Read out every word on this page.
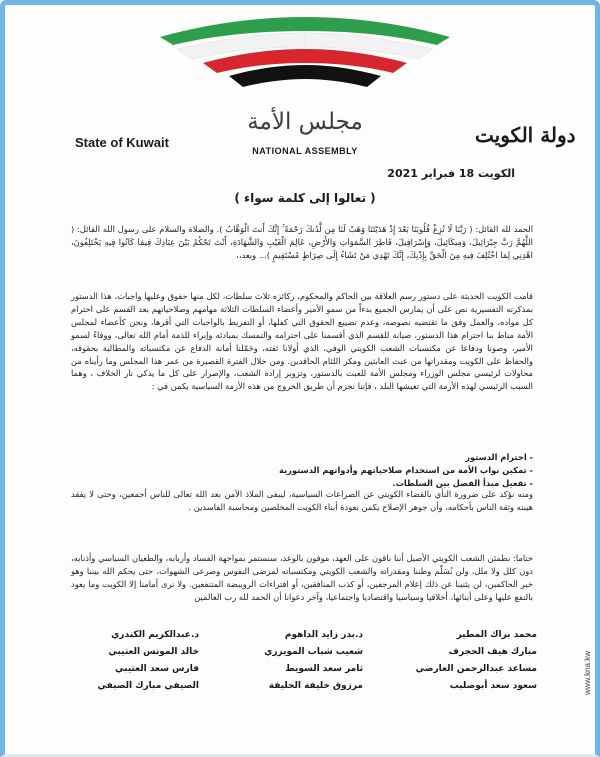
State of Kuwait	دولة الكويت
مجلس الأمة
NATIONAL ASSEMBLY
الكويت 18 فبراير 2021
( تعالوا إلى كلمة سواء )
الحمد لله القائل: ( رَبَّنَا لَا تُزِغْ قُلُوبَنَا بَعْدَ إِذْ هَدَيْتَنَا وَهَبْ لَنَا مِن لَّدُنكَ رَحْمَةً ۚ إِنَّكَ أَنتَ الْوَهَّابُ ). والصلاة والسلام على رسول الله القائل: ( اللَّهُمَّ رَبَّ جِبْرَائِيلَ، وَمِيكَائِيلَ، وَإِسْرَافِيلَ، فَاطِرَ السَّمَوَاتِ وَالأَرْضِ، عَالِمَ الْغَيْبِ وَالشَّهَادَةِ، أَنْتَ تَحْكُمُ بَيْنَ عِبَادِكَ فِيمَا كَانُوا فِيهِ يَخْتَلِفُونَ، اهْدِنِي لِمَا اخْتُلِفَ فِيهِ مِنَ الْحَقِّ بِإِذْنِكَ، إِنَّكَ تَهْدِي مَنْ تَشَاءُ إِلَى صِرَاطٍ مُسْتَقِيمٍ )... وبعد،،
قامت الكويت الحديثة على دستور رسم العلاقة بين الحاكم والمحكوم، ركائزه ثلاث سلطات، لكل منها حقوق وعليها واجبات، هذا الدستور بمذكرته التفسيرية نص على أن يمارس الجميع بدءاً من سمو الأمير وأعضاء السلطات الثلاثة مهامهم وصلاحياتهم بعد القسم على احترام كل مواده، والعمل وفق ما تقتضيه نصوصه، وعدم تضييع الحقوق التي كفلها، أو التفريط بالواجبات التي أقرها، ونحن كأعضاء لمجلس الأمة مناط بنا احترام هذا الدستور، صيانة للقسم الذي أقسمنا على احترامه والتمسك بمبادئه وإبراء للذمة أمام الله تعالى، ووفاءً لسمو الأمير، وصونا ودفاعا عن مكتسبات الشعب الكويتي الوفي، الذي أولانا ثقته، وحَمّلنا أمانة الدفاع عن مكتسباته والمطالبة بحقوقه، والحفاظ على الكويت ومقدراتها من عبث العابثين ومكر اللئام الحاقدين. ومن خلال الفترة القصيرة من عمر هذا المجلس وما رأيناه من محاولات لرئيسي مجلس الوزراء ومجلس الأمة للعبث بالدستور، وتزوير إرادة الشعب، والإصرار على كل ما يذكي نار الخلاف ، وهما السبب الرئيسي لهذه الأزمة التي تعيشها البلد ، فإننا نجزم أن طريق الخروج من هذه الأزمة السياسية يكمن في :
- احترام الدستور
- تمكين نواب الأمة من استخدام صلاحياتهم وأدواتهم الدستورية
- تفعيل مبدأ الفصل بين السلطات.
ومنه نؤكد على ضرورة النأي بالقضاء الكويتي عن الصراعات السياسية، ليبقى الملاذ الآمن بعد الله تعالى للناس أجمعين، وحتى لا يفقد هيبته وثقة الناس بأحكامه، وأن جوهر الإصلاح يكمن بعودة أبناء الكويت المخلصين ومحاسبة الفاسدين .
ختاما: نطمئن الشعب الكويتي الأصيل أننا باقون على العهد، موفون بالوعد، سنستمر بمواجهة الفساد وأربابه، والطغيان السياسي وأذنابه، دون كلل ولا ملل، ولن نُسَلّم وطننا ومقدراته والشعب الكويتي ومكتسباته لمرضى النفوس وصرعى الشهوات، حتى يحكم الله بيننا وهو خير الحاكمين، لن يثنينا عن ذلك إعلام المرجفين، أو كذب المنافقين، أو افتراءات الرويبضة المتنفعين. ولا نرى أمامنا إلا الكويت وما يعود بالنفع عليها وعلى أبنائها، أخلاقيا وسياسيا واقتصاديا واجتماعيا، وآخر دعوانا أن الحمد لله رب العالمين
محمد براك المطير
د.بدر زايد الداهوم
د.عبدالكريم الكندري
مبارك هيف الحجرف
شعيب شباب المويزري
خالد المونس العتيبي
مساعد عبدالرحمن العارضي
ثامر سعد السويط
فارس سعد العتيبي
سعود سعد أبوصليب
مرزوق خليفة الخليفة
الصيفي مبارك الصيفي	www.kna.kw
